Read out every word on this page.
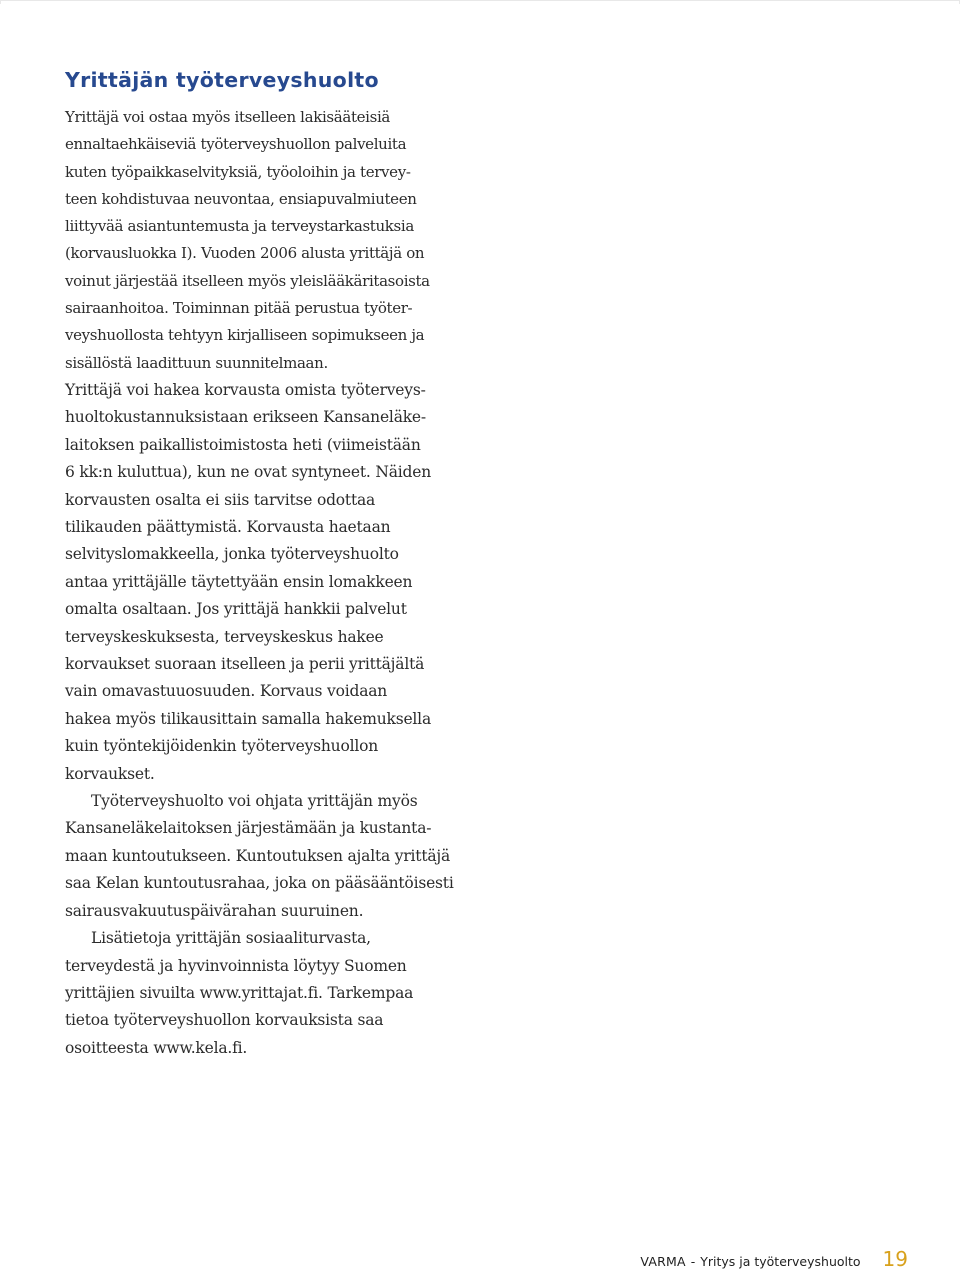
Yrittäjän työterveyshuolto
Yrittäjä voi ostaa myös itselleen lakisääteisiä
ennaltaehkäiseviä työterveyshuollon palveluita
kuten työpaikkaselvityksiä, työoloihin ja tervey-
teen kohdistuvaa neuvontaa, ensiapuvalmiuteen
liittyvää asiantuntemusta ja terveystarkastuksia
(korvausluokka I). Vuoden 2006 alusta yrittäjä on
voinut järjestää itselleen myös yleislääkäritasoista
sairaanhoitoa. Toiminnan pitää perustua työter-
veyshuollosta tehtyyn kirjalliseen sopimukseen ja
sisällöstä laadittuun suunnitelmaan.
Yrittäjä voi hakea korvausta omista työterveys-
huoltokustannuksistaan erikseen Kansaneläke-
laitoksen paikallistoimistosta heti (viimeistään
6 kk:n kuluttua), kun ne ovat syntyneet. Näiden
korvausten osalta ei siis tarvitse odottaa
tilikauden päättymistä. Korvausta haetaan
selvityslomakkeella, jonka työterveyshuolto
antaa yrittäjälle täytettyään ensin lomakkeen
omalta osaltaan. Jos yrittäjä hankkii palvelut
terveyskeskuksesta, terveyskeskus hakee
korvaukset suoraan itselleen ja perii yrittäjältä
vain omavastuuosuuden. Korvaus voidaan
hakea myös tilikausittain samalla hakemuksella
kuin työntekijöidenkin työterveyshuollon
korvaukset.
Työterveyshuolto voi ohjata yrittäjän myös
Kansaneläkelaitoksen järjestämään ja kustanta-
maan kuntoutukseen. Kuntoutuksen ajalta yrittäjä
saa Kelan kuntoutusrahaa, joka on pääsääntöisesti
sairausvakuutuspäivärahan suuruinen.
Lisätietoja yrittäjän sosiaaliturvasta,
terveydestä ja hyvinvoinnista löytyy Suomen
yrittäjien sivuilta www.yrittajat.fi. Tarkempaa
tietoa työterveyshuollon korvauksista saa
osoitteesta www.kela.fi.
VARMA - Yritys ja työterveyshuolto 19
